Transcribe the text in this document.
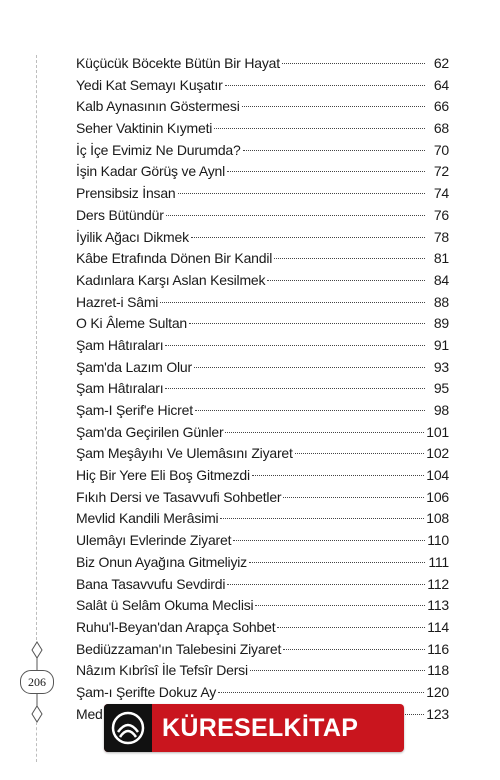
206
Küçücük Böcekte Bütün Bir Hayat	62
Yedi Kat Semayı Kuşatır	64
Kalb Aynasının Göstermesi	66
Seher Vaktinin Kıymeti	68
İç İçe Evimiz Ne Durumda?	70
İşin Kadar Görüş ve Aynl	72
Prensibsiz İnsan	74
Ders Bütündür	76
İyilik Ağacı Dikmek	78
Kâbe Etrafında Dönen Bir Kandil	81
Kadınlara Karşı Aslan Kesilmek	84
Hazret-i Sâmi	88
O Ki Âleme Sultan	89
Şam Hâtıraları	91
Şam'da Lazım Olur	93
Şam Hâtıraları	95
Şam-I Şerif'e Hicret	98
Şam'da Geçirilen Günler	101
Şam Meşâyıhı Ve Ulemâsını Ziyaret	102
Hiç Bir Yere Eli Boş Gitmezdi	104
Fıkıh Dersi ve Tasavvufi Sohbetler	106
Mevlid Kandili Merâsimi	108
Ulemâyı Evlerinde Ziyaret	110
Biz Onun Ayağına Gitmeliyiz	111
Bana Tasavvufu Sevdirdi	112
Salât ü Selâm Okuma Meclisi	113
Ruhu'l-Beyan'dan Arapça Sohbet	114
Bediüzzaman'ın Talebesini Ziyaret	116
Nâzım Kıbrîsî İle Tefsîr Dersi	118
Şam-ı Şerifte Dokuz Ay	120
Med	123
KÜRESELKİTAP
